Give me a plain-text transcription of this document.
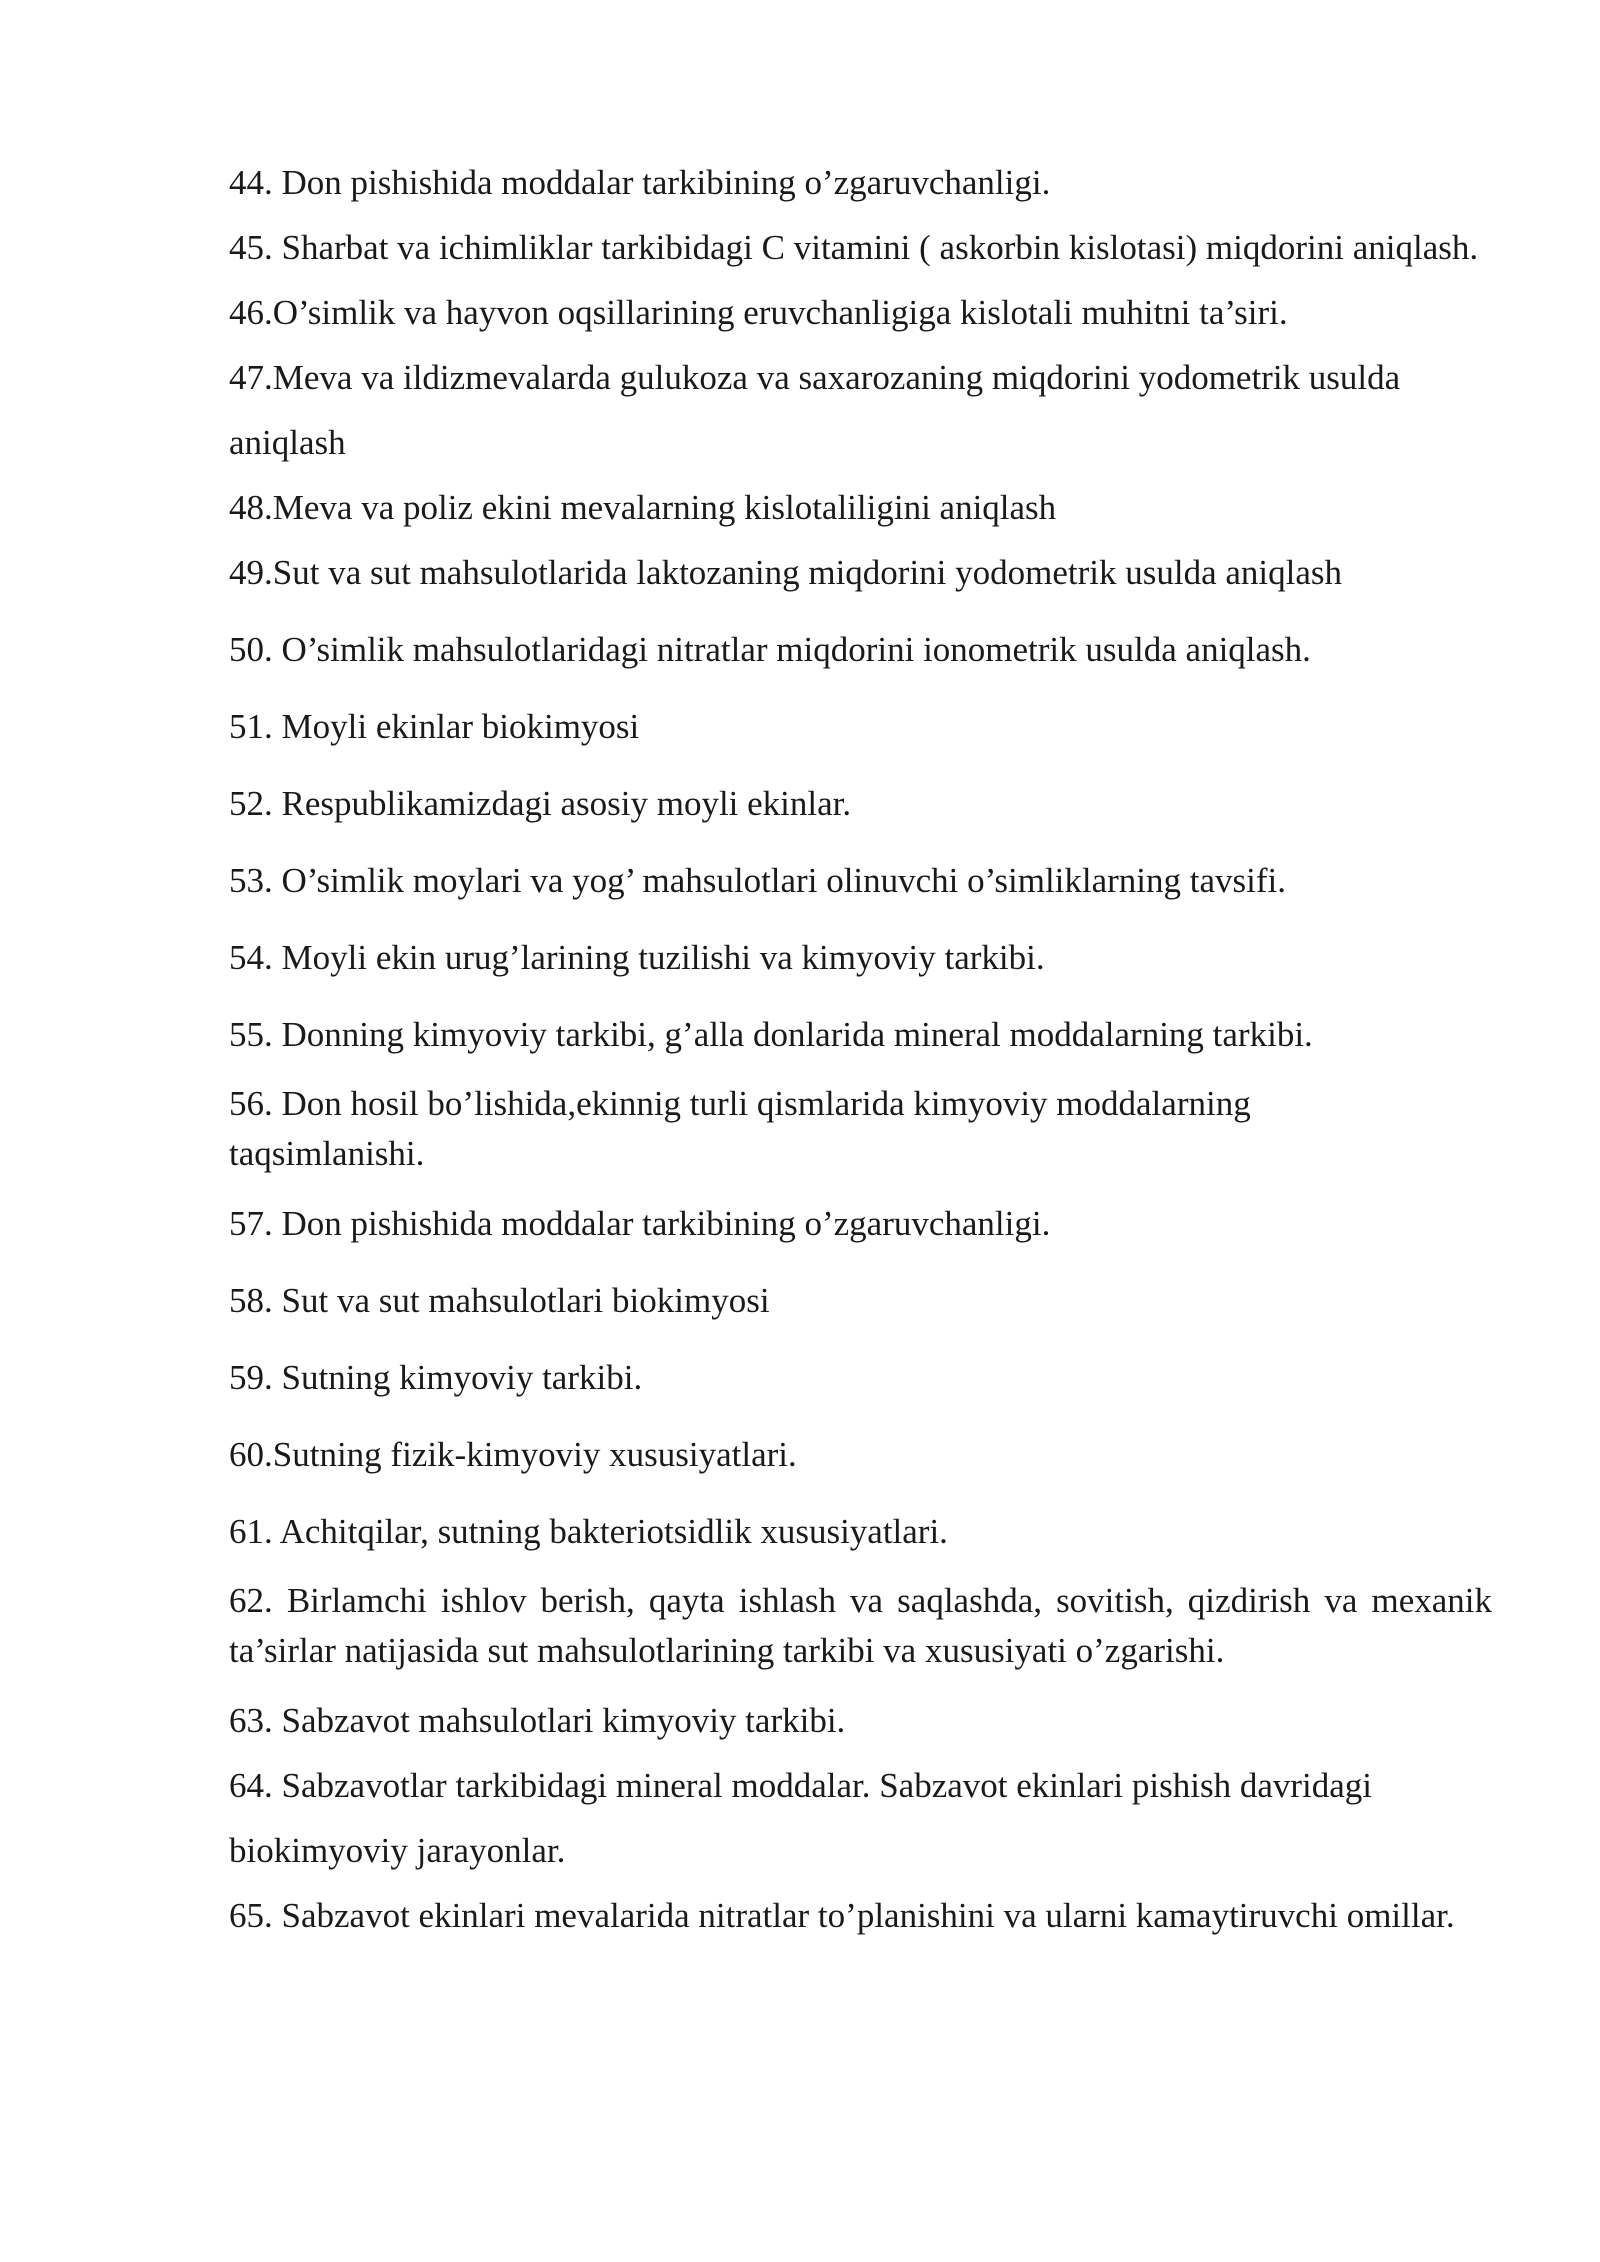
44. Don pishishida moddalar tarkibining o’zgaruvchanligi.

45. Sharbat va ichimliklar tarkibidagi C vitamini ( askorbin kislotasi) miqdorini aniqlash.

46.O’simlik va hayvon oqsillarining eruvchanligiga kislotali muhitni ta’siri.

47.Meva va ildizmevalarda gulukoza va saxarozaning miqdorini yodometrik usulda aniqlash

48.Meva va poliz ekini mevalarning kislotaliligini aniqlash

49.Sut va sut mahsulotlarida laktozaning miqdorini yodometrik usulda aniqlash

50. O’simlik mahsulotlaridagi nitratlar miqdorini ionometrik usulda aniqlash.

51. Moyli ekinlar biokimyosi

52. Respublikamizdagi asosiy moyli ekinlar.

53. O’simlik moylari va yog’ mahsulotlari olinuvchi o’simliklarning tavsifi.

54. Moyli ekin urug’larining tuzilishi va kimyoviy tarkibi.

55. Donning kimyoviy tarkibi, g’alla donlarida mineral moddalarning tarkibi.

56. Don hosil bo’lishida,ekinnig turli qismlarida kimyoviy moddalarning taqsimlanishi.

57. Don pishishida moddalar tarkibining o’zgaruvchanligi.

58. Sut va sut mahsulotlari biokimyosi

59. Sutning kimyoviy tarkibi.

60.Sutning fizik-kimyoviy xususiyatlari.

61. Achitqilar, sutning bakteriotsidlik xususiyatlari.

62. Birlamchi ishlov berish, qayta ishlash va saqlashda, sovitish, qizdirish va mexanik ta’sirlar natijasida sut mahsulotlarining tarkibi va xususiyati o’zgarishi.

63. Sabzavot mahsulotlari kimyoviy tarkibi.

64. Sabzavotlar tarkibidagi mineral moddalar. Sabzavot ekinlari pishish davridagi biokimyoviy jarayonlar.

65. Sabzavot ekinlari mevalarida nitratlar to’planishini va ularni kamaytiruvchi omillar.
